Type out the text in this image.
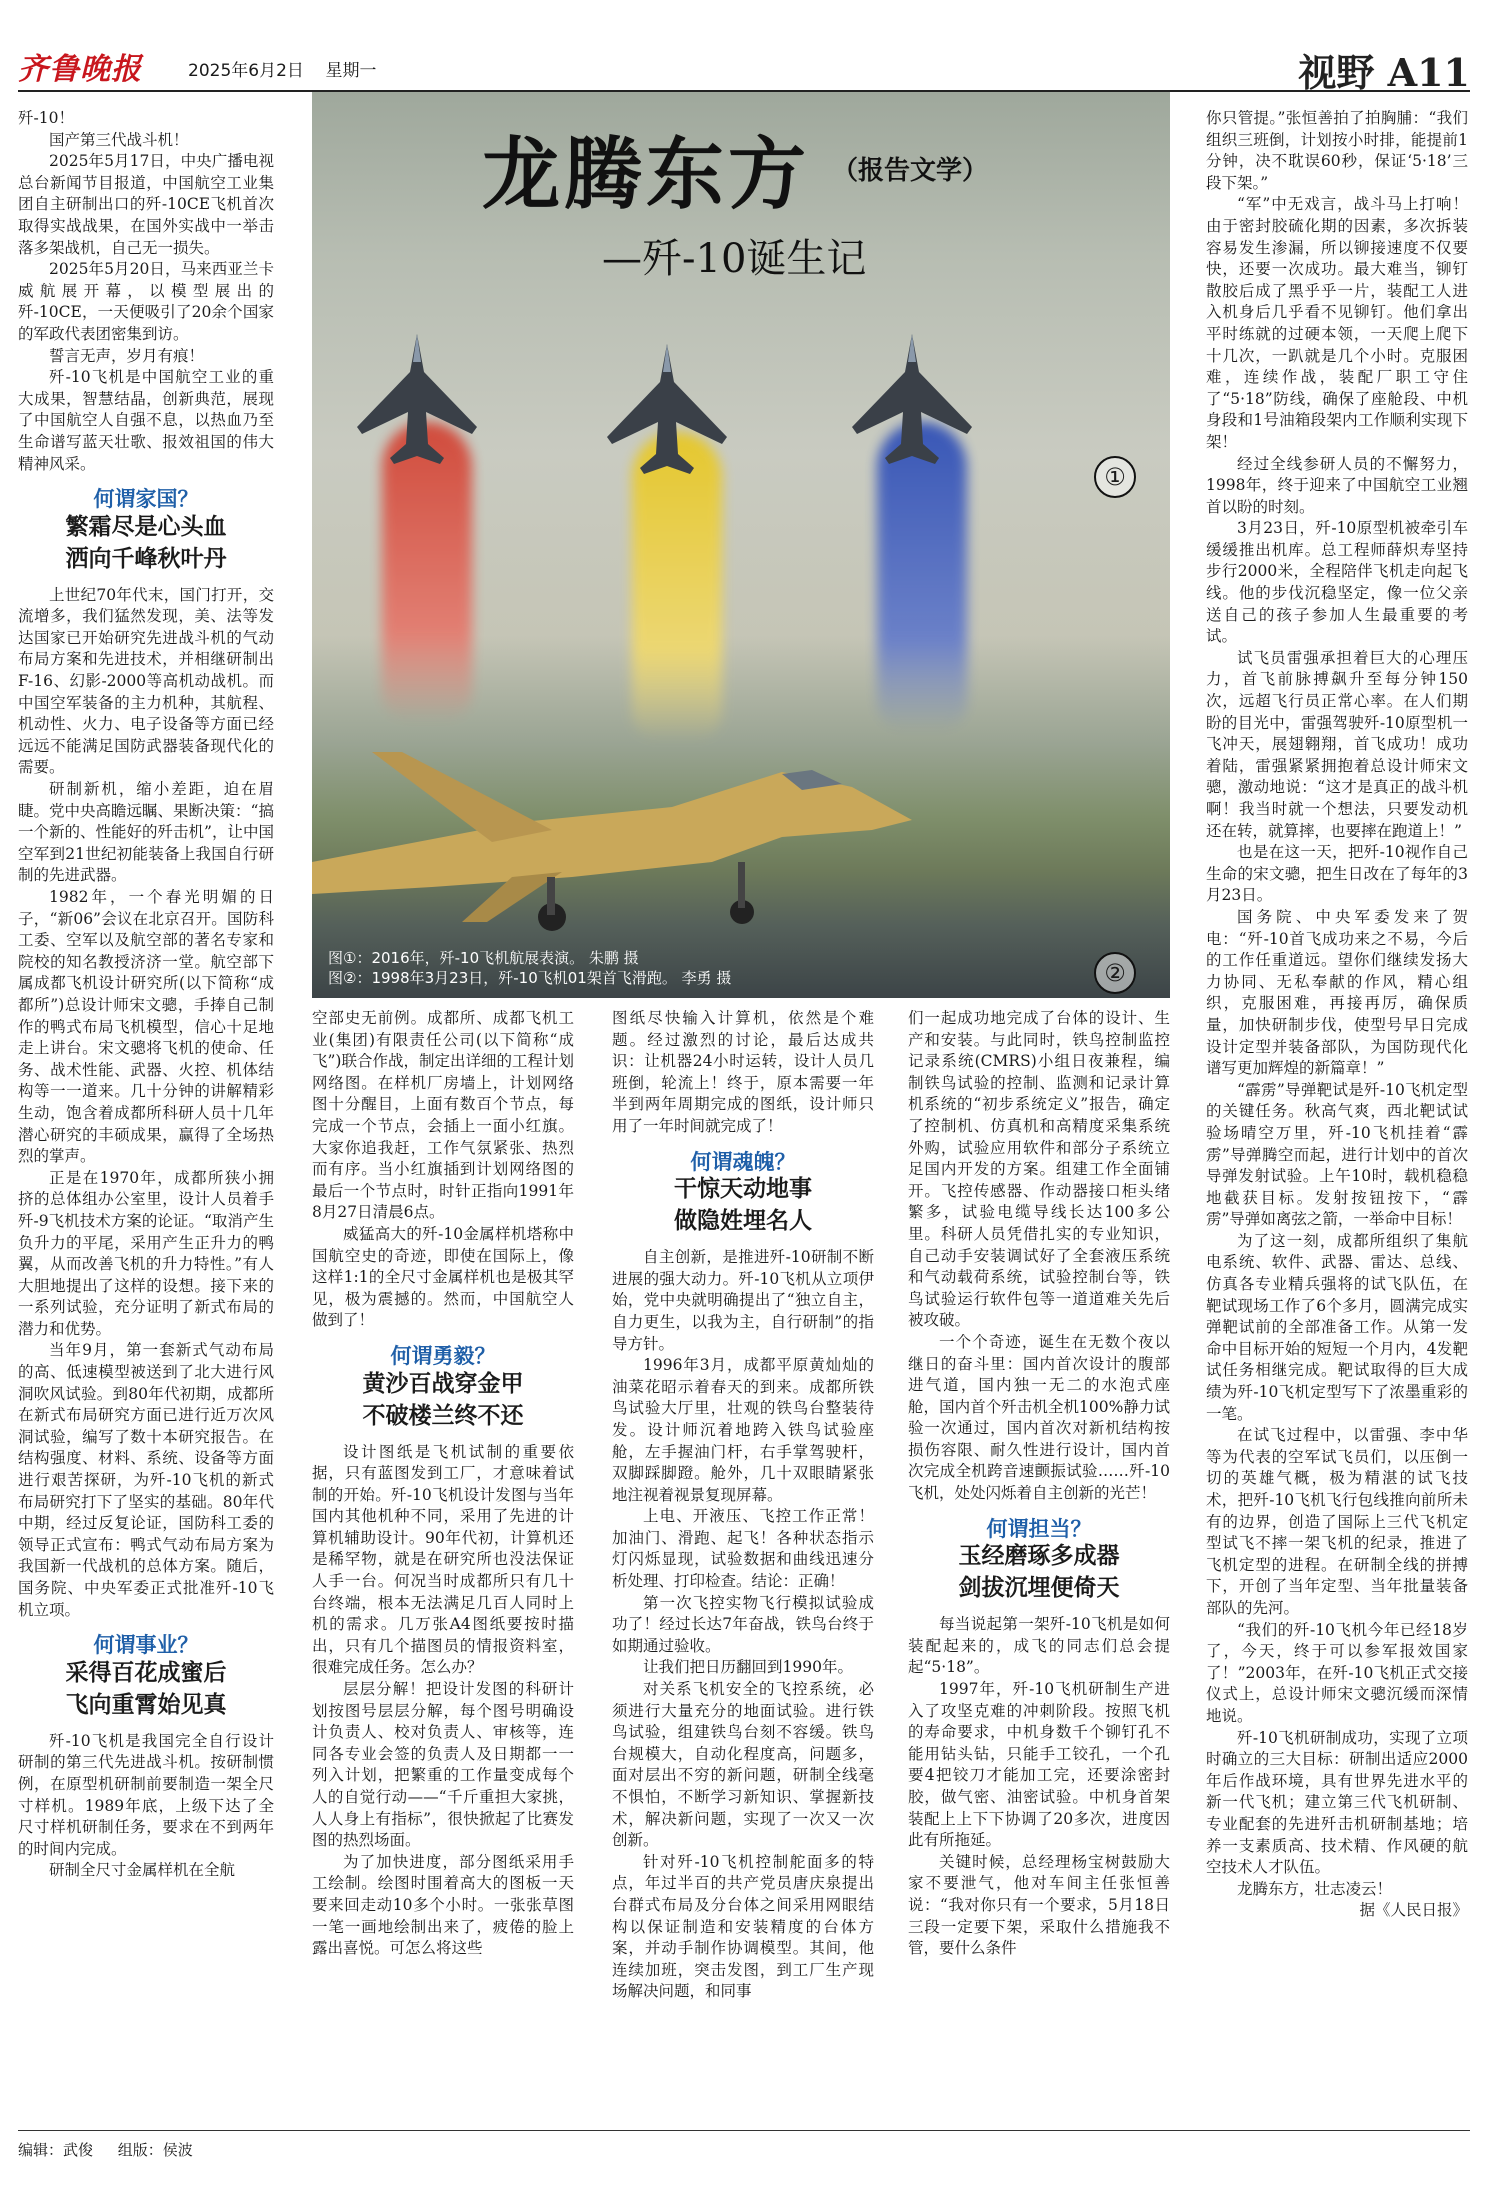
齐鲁晚报	2025年6月2日 星期一	视野 A11

歼-10！

国产第三代战斗机！

2025年5月17日，中央广播电视总台新闻节目报道，中国航空工业集团自主研制出口的歼-10CE飞机首次取得实战战果，在国外实战中一举击落多架战机，自己无一损失。

2025年5月20日，马来西亚兰卡威航展开幕，以模型展出的歼-10CE，一天便吸引了20余个国家的军政代表团密集到访。

誓言无声，岁月有痕！

歼-10飞机是中国航空工业的重大成果，智慧结晶，创新典范，展现了中国航空人自强不息，以热血乃至生命谱写蓝天壮歌、报效祖国的伟大精神风采。

何谓家国？
繁霜尽是心头血
洒向千峰秋叶丹

上世纪70年代末，国门打开，交流增多，我们猛然发现，美、法等发达国家已开始研究先进战斗机的气动布局方案和先进技术，并相继研制出F-16、幻影-2000等高机动战机。而中国空军装备的主力机种，其航程、机动性、火力、电子设备等方面已经远远不能满足国防武器装备现代化的需要。

研制新机，缩小差距，迫在眉睫。党中央高瞻远瞩、果断决策：“搞一个新的、性能好的歼击机”，让中国空军到21世纪初能装备上我国自行研制的先进武器。

1982年，一个春光明媚的日子，“新06”会议在北京召开。国防科工委、空军以及航空部的著名专家和院校的知名教授济济一堂。航空部下属成都飞机设计研究所(以下简称“成都所”)总设计师宋文骢，手捧自己制作的鸭式布局飞机模型，信心十足地走上讲台。宋文骢将飞机的使命、任务、战术性能、武器、火控、机体结构等一一道来。几十分钟的讲解精彩生动，饱含着成都所科研人员十几年潜心研究的丰硕成果，赢得了全场热烈的掌声。

正是在1970年，成都所狭小拥挤的总体组办公室里，设计人员着手歼-9飞机技术方案的论证。“取消产生负升力的平尾，采用产生正升力的鸭翼，从而改善飞机的升力特性。”有人大胆地提出了这样的设想。接下来的一系列试验，充分证明了新式布局的潜力和优势。

当年9月，第一套新式气动布局的高、低速模型被送到了北大进行风洞吹风试验。到80年代初期，成都所在新式布局研究方面已进行近万次风洞试验，编写了数十本研究报告。在结构强度、材料、系统、设备等方面进行艰苦探研，为歼-10飞机的新式布局研究打下了坚实的基础。80年代中期，经过反复论证，国防科工委的领导正式宣布：鸭式气动布局方案为我国新一代战机的总体方案。随后，国务院、中央军委正式批准歼-10飞机立项。

何谓事业？
采得百花成蜜后
飞向重霄始见真

歼-10飞机是我国完全自行设计研制的第三代先进战斗机。按研制惯例，在原型机研制前要制造一架全尺寸样机。1989年底，上级下达了全尺寸样机研制任务，要求在不到两年的时间内完成。

研制全尺寸金属样机在全航

龙腾东方 （报告文学）
—歼-10诞生记
①
②
图①：2016年，歼-10飞机航展表演。 朱鹏 摄
图②：1998年3月23日，歼-10飞机01架首飞滑跑。 李勇 摄

空部史无前例。成都所、成都飞机工业(集团)有限责任公司(以下简称“成飞”)联合作战，制定出详细的工程计划网络图。在样机厂房墙上，计划网络图十分醒目，上面有数百个节点，每完成一个节点，会插上一面小红旗。大家你追我赶，工作气氛紧张、热烈而有序。当小红旗插到计划网络图的最后一个节点时，时针正指向1991年8月27日清晨6点。

威猛高大的歼-10金属样机塔称中国航空史的奇迹，即使在国际上，像这样1:1的全尺寸金属样机也是极其罕见，极为震撼的。然而，中国航空人做到了！

何谓勇毅？
黄沙百战穿金甲
不破楼兰终不还

设计图纸是飞机试制的重要依据，只有蓝图发到工厂，才意味着试制的开始。歼-10飞机设计发图与当年国内其他机种不同，采用了先进的计算机辅助设计。90年代初，计算机还是稀罕物，就是在研究所也没法保证人手一台。何况当时成都所只有几十台终端，根本无法满足几百人同时上机的需求。几万张A4图纸要按时描出，只有几个描图员的情报资料室，很难完成任务。怎么办？

层层分解！把设计发图的科研计划按图号层层分解，每个图号明确设计负责人、校对负责人、审核等，连同各专业会签的负责人及日期都一一列入计划，把繁重的工作量变成每个人的自觉行动——“千斤重担大家挑，人人身上有指标”，很快掀起了比赛发图的热烈场面。

为了加快进度，部分图纸采用手工绘制。绘图时围着高大的图板一天要来回走动10多个小时。一张张草图一笔一画地绘制出来了，疲倦的脸上露出喜悦。可怎么将这些

图纸尽快输入计算机，依然是个难题。经过激烈的讨论，最后达成共识：让机器24小时运转，设计人员几班倒，轮流上！终于，原本需要一年半到两年周期完成的图纸，设计师只用了一年时间就完成了！

何谓魂魄？
干惊天动地事
做隐姓埋名人

自主创新，是推进歼-10研制不断进展的强大动力。歼-10飞机从立项伊始，党中央就明确提出了“独立自主，自力更生，以我为主，自行研制”的指导方针。

1996年3月，成都平原黄灿灿的油菜花昭示着春天的到来。成都所铁鸟试验大厅里，壮观的铁鸟台整装待发。设计师沉着地跨入铁鸟试验座舱，左手握油门杆，右手掌驾驶杆，双脚踩脚蹬。舱外，几十双眼睛紧张地注视着视景复现屏幕。

上电、开液压、飞控工作正常！加油门、滑跑、起飞！各种状态指示灯闪烁显现，试验数据和曲线迅速分析处理、打印检查。结论：正确！

第一次飞控实物飞行模拟试验成功了！经过长达7年奋战，铁鸟台终于如期通过验收。

让我们把日历翻回到1990年。

对关系飞机安全的飞控系统，必须进行大量充分的地面试验。进行铁鸟试验，组建铁鸟台刻不容缓。铁鸟台规模大，自动化程度高，问题多，面对层出不穷的新问题，研制全线毫不惧怕，不断学习新知识、掌握新技术，解决新问题，实现了一次又一次创新。

针对歼-10飞机控制舵面多的特点，年过半百的共产党员唐庆泉提出台群式布局及分台体之间采用网眼结构以保证制造和安装精度的台体方案，并动手制作协调模型。其间，他连续加班，突击发图，到工厂生产现场解决问题，和同事

们一起成功地完成了台体的设计、生产和安装。与此同时，铁鸟控制监控记录系统(CMRS)小组日夜兼程，编制铁鸟试验的控制、监测和记录计算机系统的“初步系统定义”报告，确定了控制机、仿真机和高精度采集系统外购，试验应用软件和部分子系统立足国内开发的方案。组建工作全面铺开。飞控传感器、作动器接口柜头绪繁多，试验电缆导线长达100多公里。科研人员凭借扎实的专业知识，自己动手安装调试好了全套液压系统和气动载荷系统，试验控制台等，铁鸟试验运行软件包等一道道难关先后被攻破。

一个个奇迹，诞生在无数个夜以继日的奋斗里：国内首次设计的腹部进气道，国内独一无二的水泡式座舱，国内首个歼击机全机100%静力试验一次通过，国内首次对新机结构按损伤容限、耐久性进行设计，国内首次完成全机跨音速颤振试验……歼-10飞机，处处闪烁着自主创新的光芒！

何谓担当？
玉经磨琢多成器
剑拔沉埋便倚天

每当说起第一架歼-10飞机是如何装配起来的，成飞的同志们总会提起“5·18”。

1997年，歼-10飞机研制生产进入了攻坚克难的冲刺阶段。按照飞机的寿命要求，中机身数千个铆钉孔不能用钻头钻，只能手工铰孔，一个孔要4把铰刀才能加工完，还要涂密封胶，做气密、油密试验。中机身首架装配上上下下协调了20多次，进度因此有所拖延。

关键时候，总经理杨宝树鼓励大家不要泄气，他对车间主任张恒善说：“我对你只有一个要求，5月18日三段一定要下架，采取什么措施我不管，要什么条件

你只管提。”张恒善拍了拍胸脯：“我们组织三班倒，计划按小时排，能提前1分钟，决不耽误60秒，保证‘5·18’三段下架。”

“军”中无戏言，战斗马上打响！由于密封胶硫化期的因素，多次拆装容易发生渗漏，所以铆接速度不仅要快，还要一次成功。最大难当，铆钉散胶后成了黑乎乎一片，装配工人进入机身后几乎看不见铆钉。他们拿出平时练就的过硬本领，一天爬上爬下十几次，一趴就是几个小时。克服困难，连续作战，装配厂职工守住了“5·18”防线，确保了座舱段、中机身段和1号油箱段架内工作顺利实现下架！

经过全线参研人员的不懈努力，1998年，终于迎来了中国航空工业翘首以盼的时刻。

3月23日，歼-10原型机被牵引车缓缓推出机库。总工程师薛炽寿坚持步行2000米，全程陪伴飞机走向起飞线。他的步伐沉稳坚定，像一位父亲送自己的孩子参加人生最重要的考试。

试飞员雷强承担着巨大的心理压力，首飞前脉搏飙升至每分钟150次，远超飞行员正常心率。在人们期盼的目光中，雷强驾驶歼-10原型机一飞冲天，展翅翱翔，首飞成功！成功着陆，雷强紧紧拥抱着总设计师宋文骢，激动地说：“这才是真正的战斗机啊！我当时就一个想法，只要发动机还在转，就算摔，也要摔在跑道上！”

也是在这一天，把歼-10视作自己生命的宋文骢，把生日改在了每年的3月23日。

国务院、中央军委发来了贺电：“歼-10首飞成功来之不易，今后的工作任重道远。望你们继续发扬大力协同、无私奉献的作风，精心组织，克服困难，再接再厉，确保质量，加快研制步伐，使型号早日完成设计定型并装备部队，为国防现代化谱写更加辉煌的新篇章！”

“霹雳”导弹靶试是歼-10飞机定型的关键任务。秋高气爽，西北靶试试验场晴空万里，歼-10飞机挂着“霹雳”导弹腾空而起，进行计划中的首次导弹发射试验。上午10时，载机稳稳地截获目标。发射按钮按下，“霹雳”导弹如离弦之箭，一举命中目标！

为了这一刻，成都所组织了集航电系统、软件、武器、雷达、总线、仿真各专业精兵强将的试飞队伍，在靶试现场工作了6个多月，圆满完成实弹靶试前的全部准备工作。从第一发命中目标开始的短短一个月内，4发靶试任务相继完成。靶试取得的巨大成绩为歼-10飞机定型写下了浓墨重彩的一笔。

在试飞过程中，以雷强、李中华等为代表的空军试飞员们，以压倒一切的英雄气概，极为精湛的试飞技术，把歼-10飞机飞行包线推向前所未有的边界，创造了国际上三代飞机定型试飞不摔一架飞机的纪录，推进了飞机定型的进程。在研制全线的拼搏下，开创了当年定型、当年批量装备部队的先河。

“我们的歼-10飞机今年已经18岁了，今天，终于可以参军报效国家了！”2003年，在歼-10飞机正式交接仪式上，总设计师宋文骢沉缓而深情地说。

歼-10飞机研制成功，实现了立项时确立的三大目标：研制出适应2000年后作战环境，具有世界先进水平的新一代飞机；建立第三代飞机研制、专业配套的先进歼击机研制基地；培养一支素质高、技术精、作风硬的航空技术人才队伍。

龙腾东方，壮志凌云！

据《人民日报》

编辑：武俊 组版：侯波
